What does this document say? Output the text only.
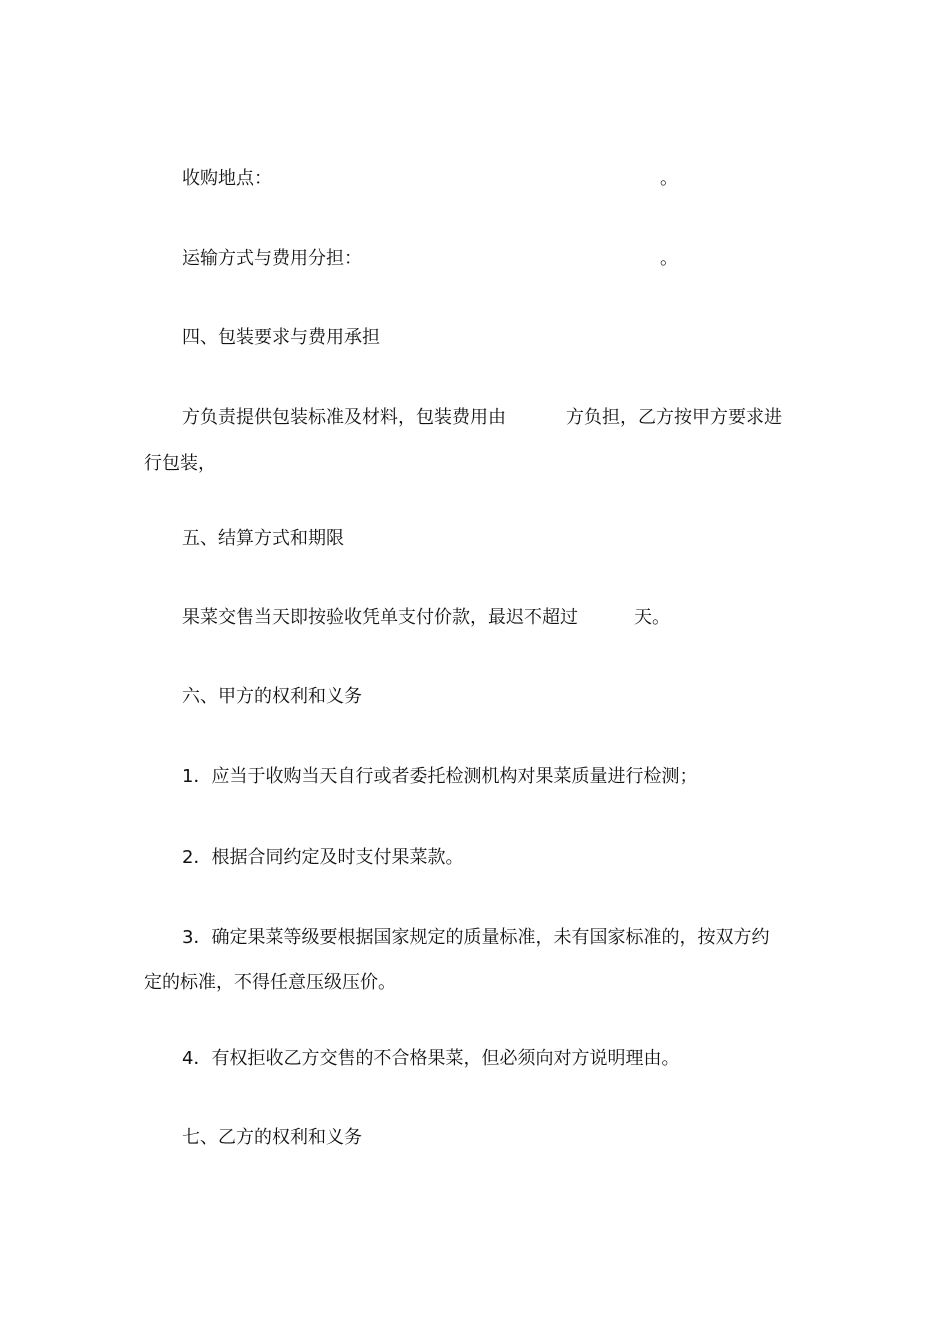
收购地点：	。
运输方式与费用分担：	。
四、包装要求与费用承担
方负责提供包装标准及材料，包装费用由	方负担，乙方按甲方要求进
行包装，
五、结算方式和期限
果菜交售当天即按验收凭单支付价款，最迟不超过	天。
六、甲方的权利和义务
1．应当于收购当天自行或者委托检测机构对果菜质量进行检测；
2．根据合同约定及时支付果菜款。
3．确定果菜等级要根据国家规定的质量标准，未有国家标准的，按双方约
定的标准，不得任意压级压价。
4．有权拒收乙方交售的不合格果菜，但必须向对方说明理由。
七、乙方的权利和义务
